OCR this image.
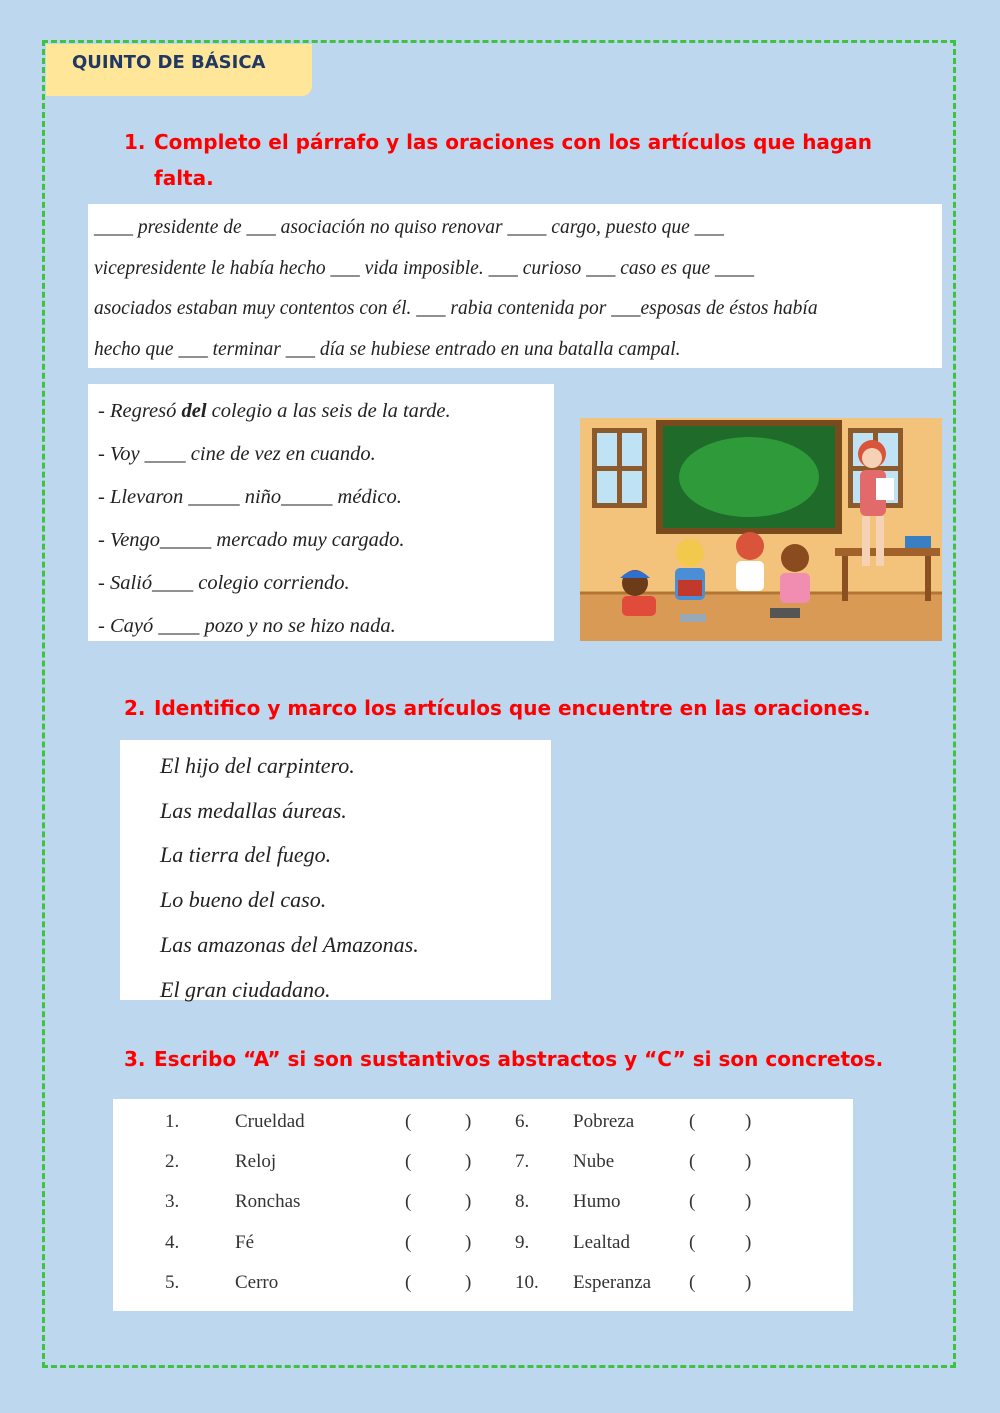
QUINTO DE BÁSICA
1. Completo el párrafo y las oraciones con los artículos que hagan falta.

____ presidente de ___ asociación no quiso renovar ____ cargo, puesto que ___

vicepresidente le había hecho ___ vida imposible. ___ curioso ___ caso es que ____

asociados estaban muy contentos con él. ___ rabia contenida por ___esposas de éstos había

hecho que ___ terminar ___ día se hubiese entrado en una batalla campal.

- Regresó del colegio a las seis de la tarde.
- Voy ____ cine de vez en cuando.
- Llevaron _____ niño_____ médico.
- Vengo_____ mercado muy cargado.
- Salió____ colegio corriendo.
- Cayó ____ pozo y no se hizo nada.
2. Identifico y marco los artículos que encuentre en las oraciones.
El hijo del carpintero.
Las medallas áureas.
La tierra del fuego.
Lo bueno del caso.
Las amazonas del Amazonas.
El gran ciudadano.
3. Escribo “A” si son sustantivos abstractos y “C” si son concretos.
1.	Crueldad	(	)	6.	Pobreza	(	)
2.	Reloj	(	)	7.	Nube	(	)
3.	Ronchas	(	)	8.	Humo	(	)
4.	Fé	(	)	9.	Lealtad	(	)
5.	Cerro	(	)	10.	Esperanza	(	)
